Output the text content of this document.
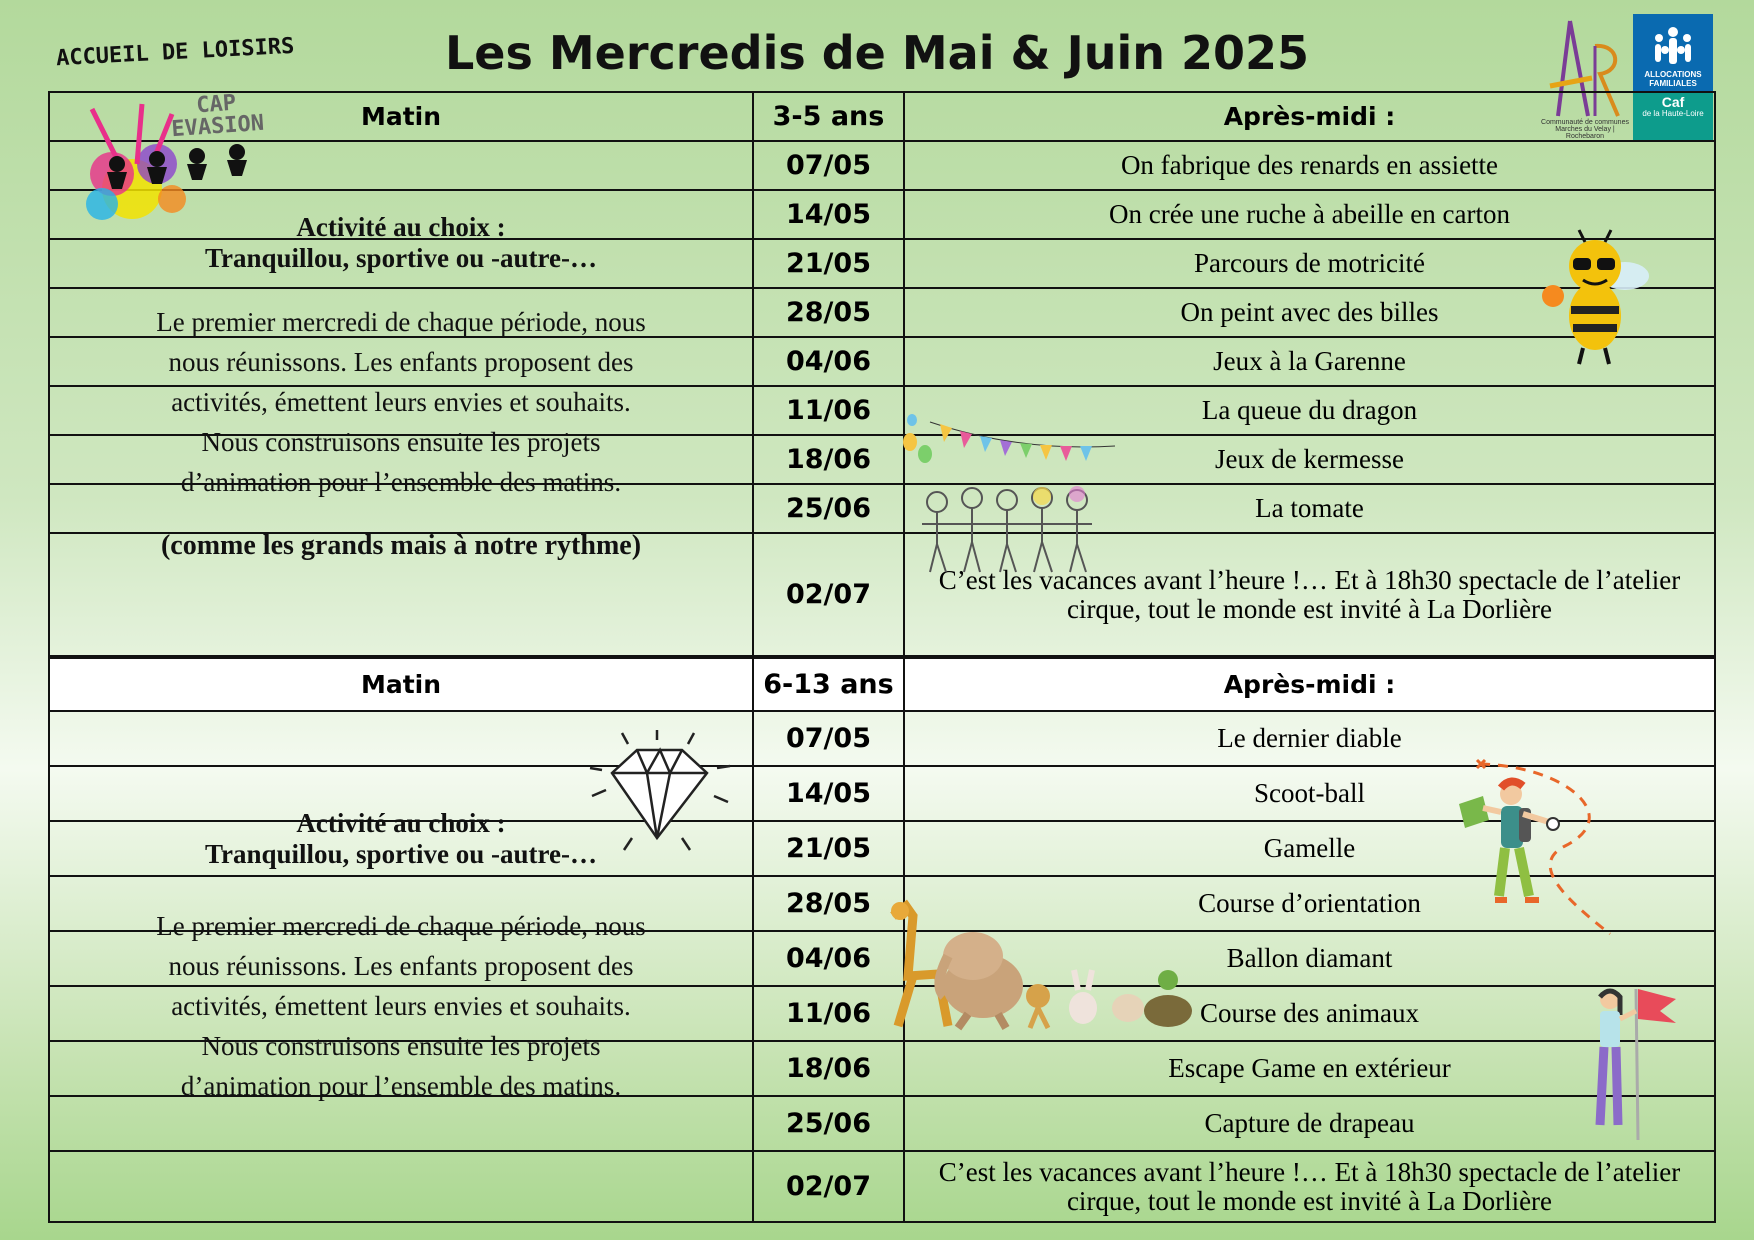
ACCUEIL DE LOISIRS	Les Mercredis de Mai & Juin 2025
Communauté de communes Marches du Velay | Rochebaron
ALLOCATIONS FAMILIALES
Caf
de la Haute-Loire
Matin	3-5 ans	Après-midi :
Activité au choix :
Tranquillou, sportive ou -autre-…
Le premier mercredi de chaque période, nous nous réunissons. Les enfants proposent des activités, émettent leurs envies et souhaits. Nous construisons ensuite les projets d’animation pour l’ensemble des matins.
(comme les grands mais à notre rythme)
07/05	On fabrique des renards en assiette
14/05	On crée une ruche à abeille en carton
21/05	Parcours de motricité
28/05	On peint avec des billes
04/06	Jeux à la Garenne
11/06	La queue du dragon
18/06	Jeux de kermesse
25/06	La tomate
02/07	C’est les vacances avant l’heure !… Et à 18h30 spectacle de l’atelier cirque, tout le monde est invité à La Dorlière
Matin	6-13 ans	Après-midi :
Activité au choix :
Tranquillou, sportive ou -autre-…
Le premier mercredi de chaque période, nous nous réunissons. Les enfants proposent des activités, émettent leurs envies et souhaits. Nous construisons ensuite les projets d’animation pour l’ensemble des matins.
07/05	Le dernier diable
14/05	Scoot-ball
21/05	Gamelle
28/05	Course d’orientation
04/06	Ballon diamant
11/06	Course des animaux
18/06	Escape Game en extérieur
25/06	Capture de drapeau
02/07	C’est les vacances avant l’heure !… Et à 18h30 spectacle de l’atelier cirque, tout le monde est invité à La Dorlière
CAP EVASION
